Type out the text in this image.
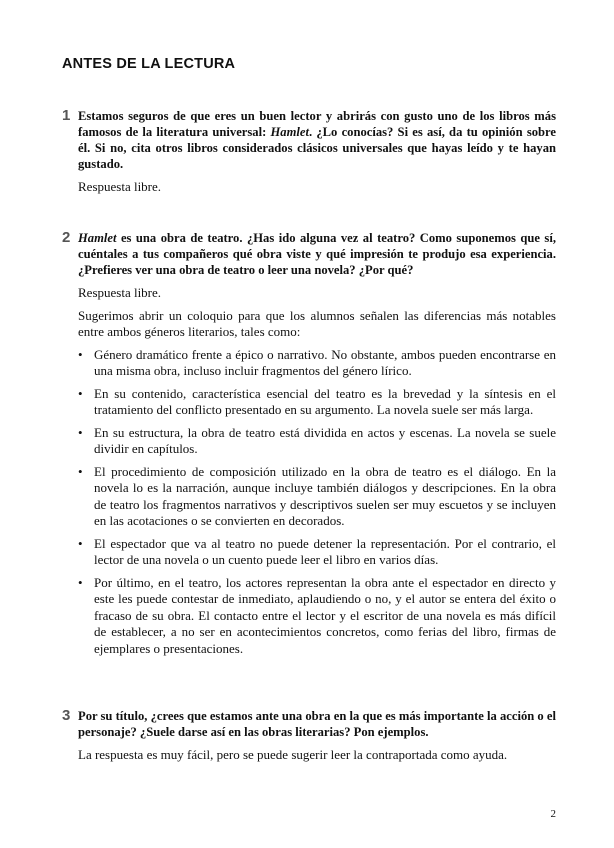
ANTES DE LA LECTURA
1 Estamos seguros de que eres un buen lector y abrirás con gusto uno de los libros más famosos de la literatura universal: Hamlet. ¿Lo conocías? Si es así, da tu opinión sobre él. Si no, cita otros libros considerados clásicos universales que hayas leído y te hayan gustado.
Respuesta libre.
2 Hamlet es una obra de teatro. ¿Has ido alguna vez al teatro? Como suponemos que sí, cuéntales a tus compañeros qué obra viste y qué impresión te produjo esa experiencia. ¿Prefieres ver una obra de teatro o leer una novela? ¿Por qué?
Respuesta libre.
Sugerimos abrir un coloquio para que los alumnos señalen las diferencias más notables entre ambos géneros literarios, tales como:
• Género dramático frente a épico o narrativo. No obstante, ambos pueden encontrarse en una misma obra, incluso incluir fragmentos del género lírico.
• En su contenido, característica esencial del teatro es la brevedad y la síntesis en el tratamiento del conflicto presentado en su argumento. La novela suele ser más larga.
• En su estructura, la obra de teatro está dividida en actos y escenas. La novela se suele dividir en capítulos.
• El procedimiento de composición utilizado en la obra de teatro es el diálogo. En la novela lo es la narración, aunque incluye también diálogos y descripciones. En la obra de teatro los fragmentos narrativos y descriptivos suelen ser muy escuetos y se incluyen en las acotaciones o se convierten en decorados.
• El espectador que va al teatro no puede detener la representación. Por el contrario, el lector de una novela o un cuento puede leer el libro en varios días.
• Por último, en el teatro, los actores representan la obra ante el espectador en directo y este les puede contestar de inmediato, aplaudiendo o no, y el autor se entera del éxito o fracaso de su obra. El contacto entre el lector y el escritor de una novela es más difícil de establecer, a no ser en acontecimientos concretos, como ferias del libro, firmas de ejemplares o presentaciones.
3 Por su título, ¿crees que estamos ante una obra en la que es más importante la acción o el personaje? ¿Suele darse así en las obras literarias? Pon ejemplos.
La respuesta es muy fácil, pero se puede sugerir leer la contraportada como ayuda.
2
